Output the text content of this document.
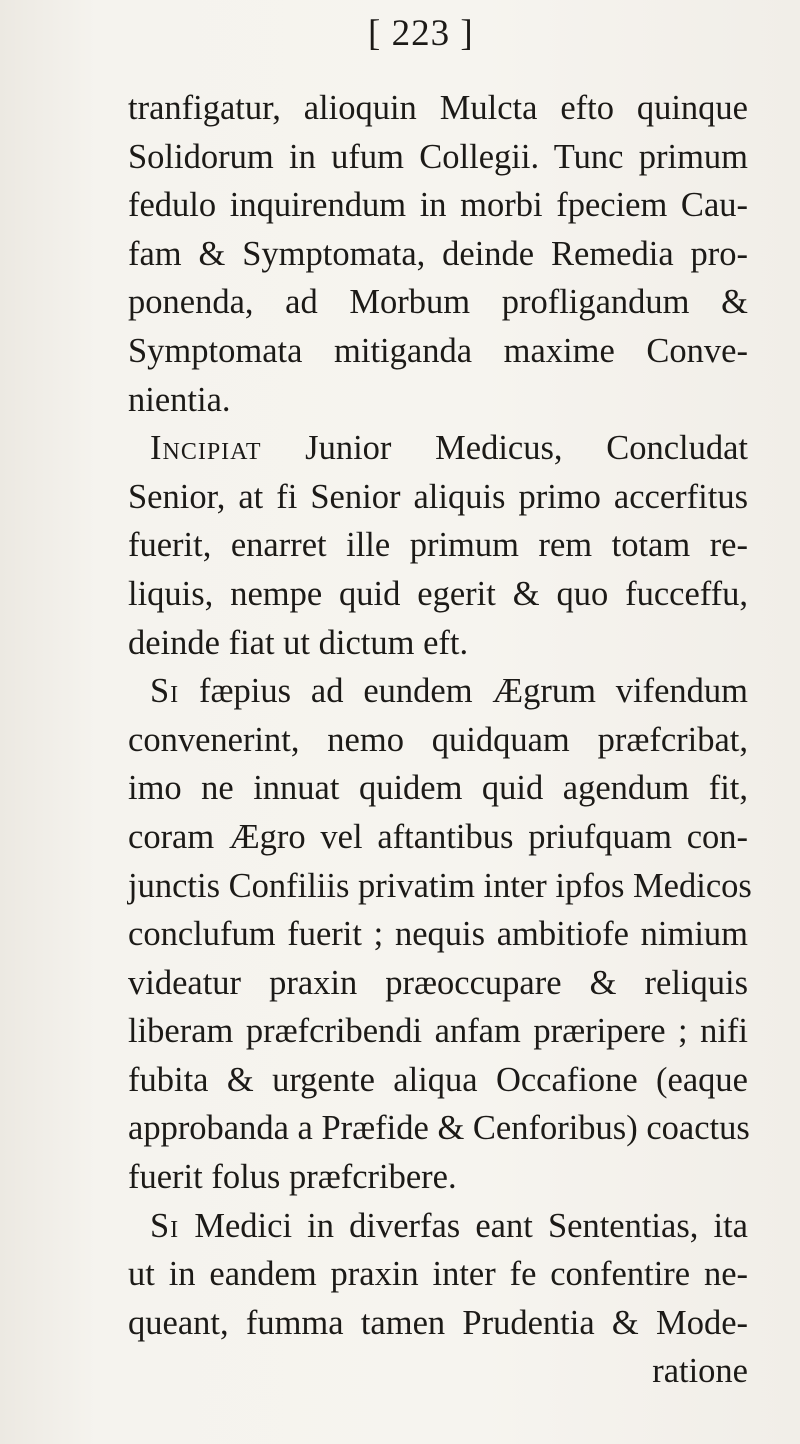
[ 223 ]
tranfigatur, alioquin Mulcta efto quinque
Solidorum in ufum Collegii. Tunc primum
fedulo inquirendum in morbi fpeciem Cau-
fam & Symptomata, deinde Remedia pro-
ponenda, ad Morbum profligandum &
Symptomata mitiganda maxime Conve-
nientia.
Incipiat Junior Medicus, Concludat
Senior, at fi Senior aliquis primo accerfitus
fuerit, enarret ille primum rem totam re-
liquis, nempe quid egerit & quo fucceffu,
deinde fiat ut dictum eft.
Si fæpius ad eundem Ægrum vifendum
convenerint, nemo quidquam præfcribat,
imo ne innuat quidem quid agendum fit,
coram Ægro vel aftantibus priufquam con-
junctis Confiliis privatim inter ipfos Medicos
conclufum fuerit ; nequis ambitiofe nimium
videatur praxin præoccupare & reliquis
liberam præfcribendi anfam præripere ; nifi
fubita & urgente aliqua Occafione (eaque
approbanda a Præfide & Cenforibus) coactus
fuerit folus præfcribere.
Si Medici in diverfas eant Sententias, ita
ut in eandem praxin inter fe confentire ne-
queant, fumma tamen Prudentia & Mode-
ratione
